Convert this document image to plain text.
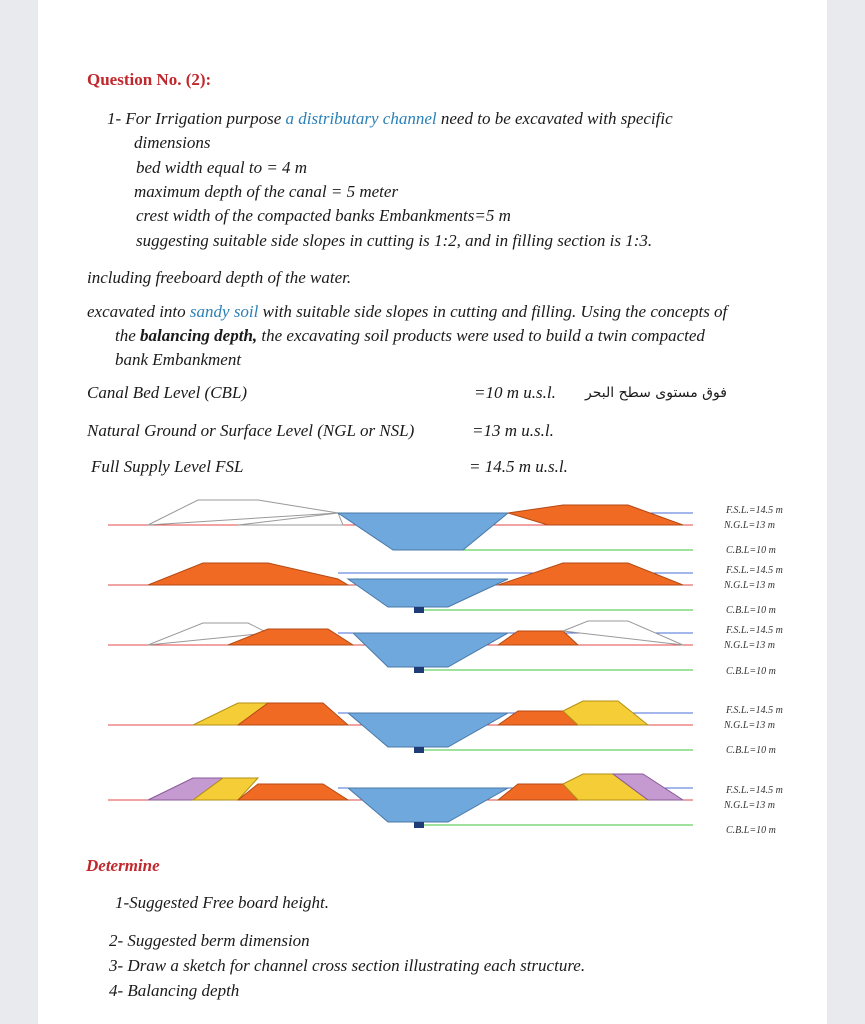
Question No. (2):
1- For Irrigation purpose a distributary channel need to be excavated with specific
dimensions
bed width equal to = 4 m
maximum depth of the canal = 5 meter
crest width of the compacted banks Embankments=5 m
suggesting suitable side slopes in cutting is 1:2, and in filling section is 1:3.
including freeboard depth of the water.
excavated into sandy soil with suitable side slopes in cutting and filling. Using the concepts of
the balancing depth, the excavating soil products were used to build a twin compacted
bank Embankment
Canal Bed Level (CBL)	=10 m u.s.l. فوق مستوى سطح البحر
Natural Ground or Surface Level (NGL or NSL)	=13 m u.s.l.
Full Supply Level FSL	= 14.5 m u.s.l.
F.S.L.=14.5 m
N.G.L=13 m
C.B.L=10 m
F.S.L.=14.5 m
N.G.L=13 m
C.B.L=10 m
F.S.L.=14.5 m
N.G.L=13 m
C.B.L=10 m
F.S.L.=14.5 m
N.G.L=13 m
C.B.L=10 m
F.S.L.=14.5 m
N.G.L=13 m
C.B.L=10 m
Determine
1-Suggested Free board height.
2- Suggested berm dimension
3- Draw a sketch for channel cross section illustrating each structure.
4- Balancing depth
